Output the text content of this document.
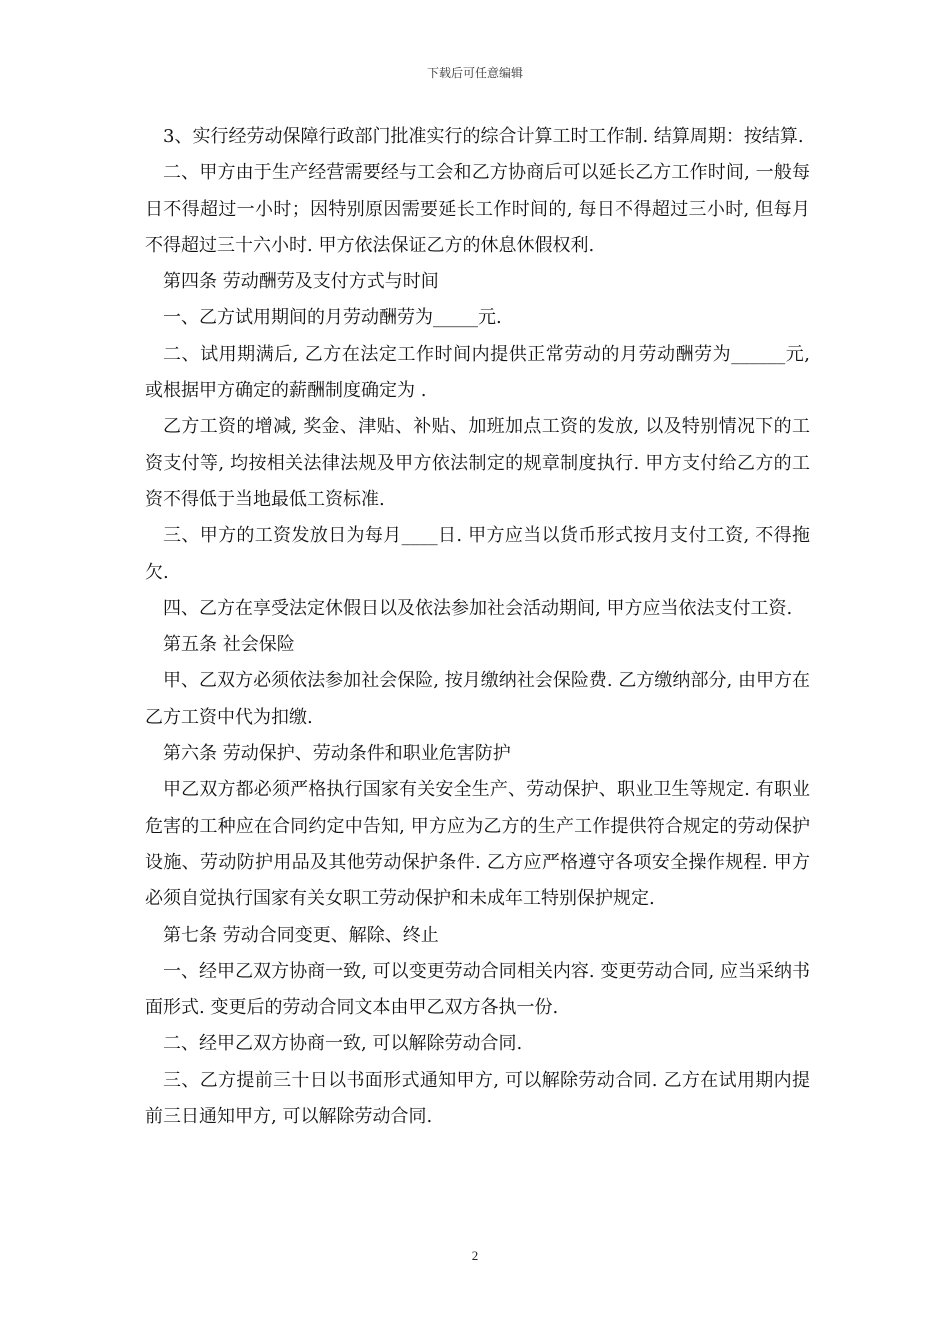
下载后可任意编辑

3、实行经劳动保障行政部门批准实行的综合计算工时工作制. 结算周期：按结算.

二、甲方由于生产经营需要经与工会和乙方协商后可以延长乙方工作时间, 一般每日不得超过一小时；因特别原因需要延长工作时间的, 每日不得超过三小时, 但每月不得超过三十六小时. 甲方依法保证乙方的休息休假权利.

第四条 劳动酬劳及支付方式与时间

一、乙方试用期间的月劳动酬劳为_____元.

二、试用期满后, 乙方在法定工作时间内提供正常劳动的月劳动酬劳为______元, 或根据甲方确定的薪酬制度确定为 .

乙方工资的增减, 奖金、津贴、补贴、加班加点工资的发放, 以及特别情况下的工资支付等, 均按相关法律法规及甲方依法制定的规章制度执行. 甲方支付给乙方的工资不得低于当地最低工资标准.

三、甲方的工资发放日为每月____日. 甲方应当以货币形式按月支付工资, 不得拖欠.

四、乙方在享受法定休假日以及依法参加社会活动期间, 甲方应当依法支付工资.

第五条 社会保险

甲、乙双方必须依法参加社会保险, 按月缴纳社会保险费. 乙方缴纳部分, 由甲方在乙方工资中代为扣缴.

第六条 劳动保护、劳动条件和职业危害防护

甲乙双方都必须严格执行国家有关安全生产、劳动保护、职业卫生等规定. 有职业危害的工种应在合同约定中告知, 甲方应为乙方的生产工作提供符合规定的劳动保护设施、劳动防护用品及其他劳动保护条件. 乙方应严格遵守各项安全操作规程. 甲方必须自觉执行国家有关女职工劳动保护和未成年工特别保护规定.

第七条 劳动合同变更、解除、终止

一、经甲乙双方协商一致, 可以变更劳动合同相关内容. 变更劳动合同, 应当采纳书面形式. 变更后的劳动合同文本由甲乙双方各执一份.

二、经甲乙双方协商一致, 可以解除劳动合同.

三、乙方提前三十日以书面形式通知甲方, 可以解除劳动合同. 乙方在试用期内提前三日通知甲方, 可以解除劳动合同.

2
